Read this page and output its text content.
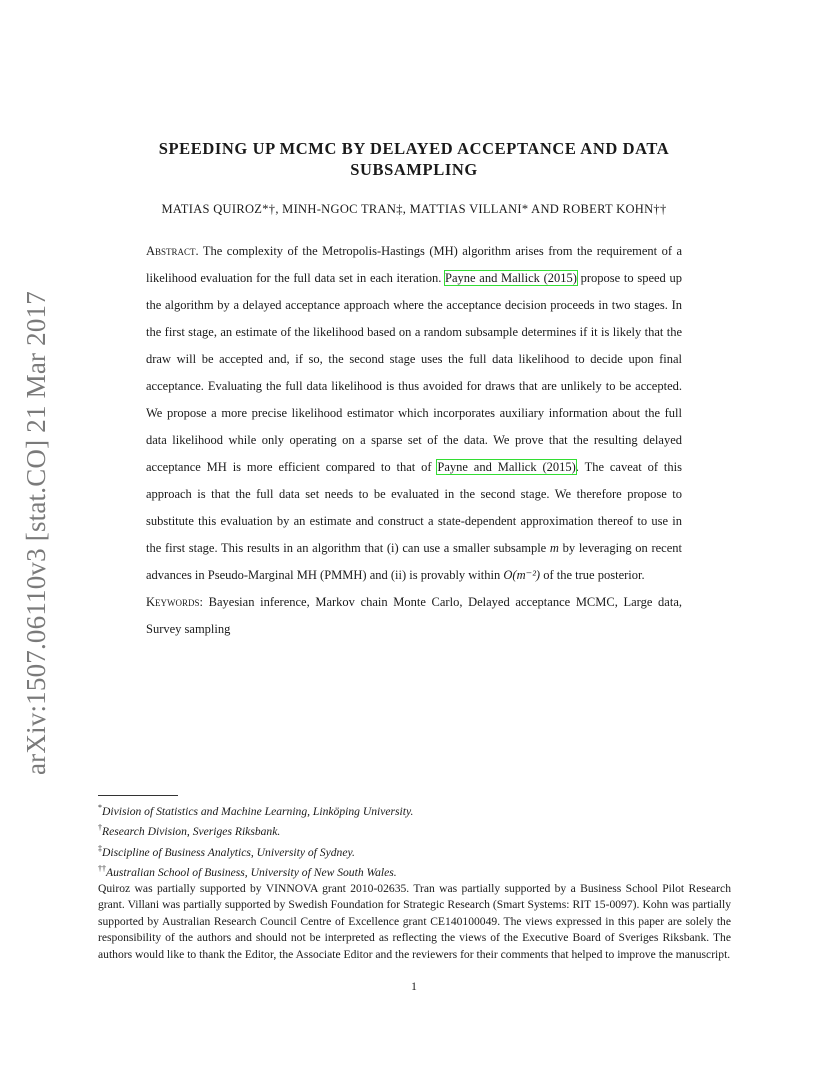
arXiv:1507.06110v3 [stat.CO] 21 Mar 2017
SPEEDING UP MCMC BY DELAYED ACCEPTANCE AND DATA
SUBSAMPLING
MATIAS QUIROZ*†, MINH-NGOC TRAN‡, MATTIAS VILLANI* AND ROBERT KOHN††

Abstract. The complexity of the Metropolis-Hastings (MH) algorithm arises from the requirement of a likelihood evaluation for the full data set in each iteration. Payne and Mallick (2015) propose to speed up the algorithm by a delayed acceptance approach where the acceptance decision proceeds in two stages. In the first stage, an estimate of the likelihood based on a random subsample determines if it is likely that the draw will be accepted and, if so, the second stage uses the full data likelihood to decide upon final acceptance. Evaluating the full data likelihood is thus avoided for draws that are unlikely to be accepted. We propose a more precise likelihood estimator which incorporates auxiliary information about the full data likelihood while only operating on a sparse set of the data. We prove that the resulting delayed acceptance MH is more efficient compared to that of Payne and Mallick (2015). The caveat of this approach is that the full data set needs to be evaluated in the second stage. We therefore propose to substitute this evaluation by an estimate and construct a state-dependent approximation thereof to use in the first stage. This results in an algorithm that (i) can use a smaller subsample m by leveraging on recent advances in Pseudo-Marginal MH (PMMH) and (ii) is provably within O(m⁻²) of the true posterior.

Keywords: Bayesian inference, Markov chain Monte Carlo, Delayed acceptance MCMC, Large data, Survey sampling

*Division of Statistics and Machine Learning, Linköping University.
†Research Division, Sveriges Riksbank.
‡Discipline of Business Analytics, University of Sydney.
††Australian School of Business, University of New South Wales.
Quiroz was partially supported by VINNOVA grant 2010-02635. Tran was partially supported by a Business School Pilot Research grant. Villani was partially supported by Swedish Foundation for Strategic Research (Smart Systems: RIT 15-0097). Kohn was partially supported by Australian Research Council Centre of Excellence grant CE140100049. The views expressed in this paper are solely the responsibility of the authors and should not be interpreted as reflecting the views of the Executive Board of Sveriges Riksbank. The authors would like to thank the Editor, the Associate Editor and the reviewers for their comments that helped to improve the manuscript.
1
